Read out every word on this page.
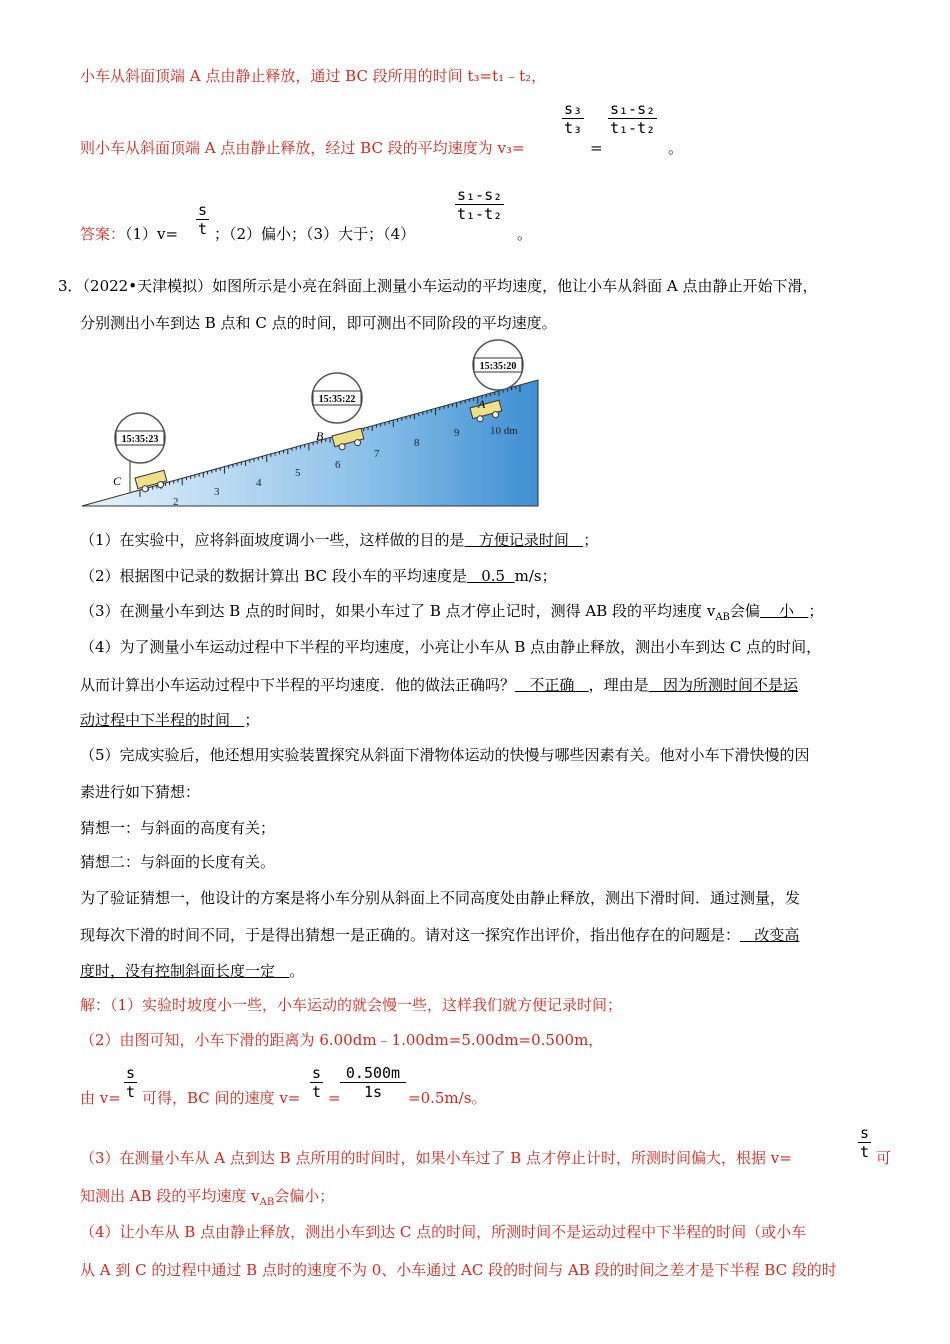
小车从斜面顶端 A 点由静止释放，通过 BC 段所用的时间 t₃=t₁﹣t₂，
则小车从斜面顶端 A 点由静止释放，经过 BC 段的平均速度为 v₃=
s₃
t₃
=
s₁-s₂
t₁-t₂
。
答案：（1）v=
s
t ；（2）偏小；（3）大于；（4）
s₁-s₂
t₁-t₂
。
3．（2022•天津模拟）如图所示是小亮在斜面上测量小车运动的平均速度，他让小车从斜面 A 点由静止开始下滑，
分别测出小车到达 B 点和 C 点的时间，即可测出不同阶段的平均速度。
2
3
4
5
6
7
8
9	10 dm
C
B
A
15:35:23
15:35:22
15:35:20
（1）在实验中，应将斜面坡度调小一些，这样做的目的是 方便记录时间 ；
（2）根据图中记录的数据计算出 BC 段小车的平均速度是 0.5 m/s；
（3）在测量小车到达 B 点的时间时，如果小车过了 B 点才停止记时，测得 AB 段的平均速度 $v_{AB}$会偏 小 ；
（4）为了测量小车运动过程中下半程的平均速度，小亮让小车从 B 点由静止释放，测出小车到达 C 点的时间，
从而计算出小车运动过程中下半程的平均速度．他的做法正确吗？ 不正确 ，理由是 因为所测时间不是运
动过程中下半程的时间 ；
（5）完成实验后，他还想用实验装置探究从斜面下滑物体运动的快慢与哪些因素有关。他对小车下滑快慢的因
素进行如下猜想：
猜想一：与斜面的高度有关；
猜想二：与斜面的长度有关。
为了验证猜想一，他设计的方案是将小车分别从斜面上不同高度处由静止释放，测出下滑时间．通过测量，发
现每次下滑的时间不同，于是得出猜想一是正确的。请对这一探究作出评价，指出他存在的问题是： 改变高
度时，没有控制斜面长度一定 。
解：（1）实验时坡度小一些，小车运动的就会慢一些，这样我们就方便记录时间；
（2）由图可知，小车下滑的距离为 6.00dm﹣1.00dm=5.00dm=0.500m，
由 v=
s
t 可得，BC 间的速度 v=
s
t =
0.500m
1s	=0.5m/s。
（3）在测量小车从 A 点到达 B 点所用的时间时，如果小车过了 B 点才停止计时，所测时间偏大，根据 v=
s
t 可
知测出 AB 段的平均速度 $v_{AB}$会偏小；
（4）让小车从 B 点由静止释放，测出小车到达 C 点的时间，所测时间不是运动过程中下半程的时间（或小车
从 A 到 C 的过程中通过 B 点时的速度不为 0、小车通过 AC 段的时间与 AB 段的时间之差才是下半程 BC 段的时
